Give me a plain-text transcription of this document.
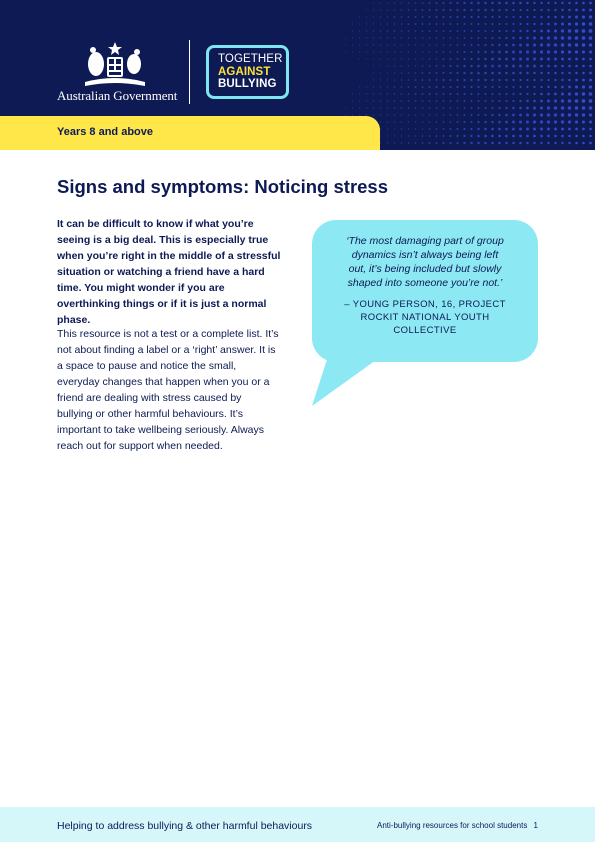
Australian Government
TOGETHER
AGAINST
BULLYING
Years 8 and above
Signs and symptoms: Noticing stress

It can be difficult to know if what you’re seeing is a big deal. This is especially true when you’re right in the middle of a stressful situation or watching a friend have a hard time. You might wonder if you are overthinking things or if it is just a normal phase.

This resource is not a test or a complete list. It’s not about finding a label or a ‘right’ answer. It is a space to pause and notice the small, everyday changes that happen when you or a friend are dealing with stress caused by bullying or other harmful behaviours. It’s important to take wellbeing seriously. Always reach out for support when needed.

‘The most damaging part of group dynamics isn’t always being left out, it’s being included but slowly shaped into someone you’re not.’

– YOUNG PERSON, 16, PROJECT ROCKIT NATIONAL YOUTH COLLECTIVE

Helping to address bullying & other harmful behaviours	Anti-bullying resources for school students 1
